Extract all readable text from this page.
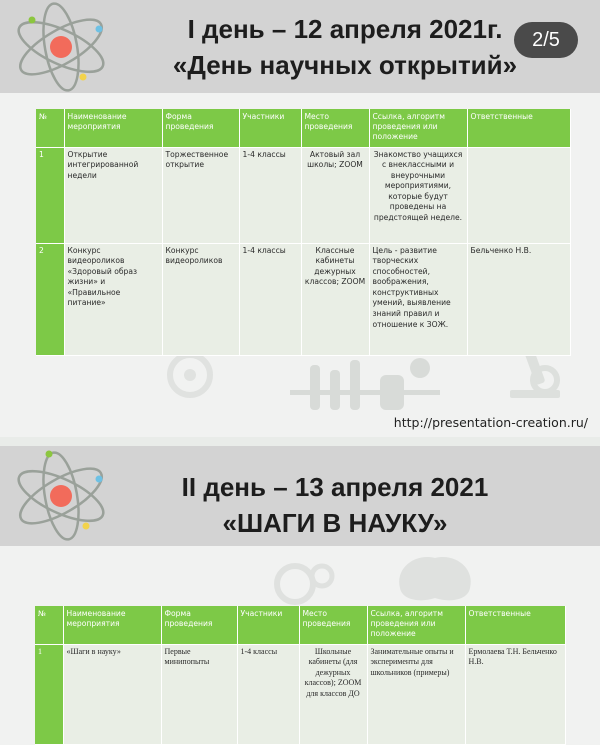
I день – 12 апреля 2021г.
«День научных открытий»
2/5
№	Наименование мероприятия	Форма проведения	Участники	Место проведения	Ссылка, алгоритм проведения или положение	Ответственные
1	Открытие интегрированной недели	Торжественное открытие	1-4 классы	Актовый зал школы; ZOOM	Знакомство учащихся с внеклассными и внеурочными мероприятиями, которые будут проведены на предстоящей неделе.	
2	Конкурс видеороликов «Здоровый образ жизни» и «Правильное питание»	Конкурс видеороликов	1-4 классы	Классные кабинеты дежурных классов; ZOOM	Цель - развитие творческих способностей, воображения, конструктивных умений, выявление знаний правил и отношение к ЗОЖ.	Бельченко Н.В.
http://presentation-creation.ru/
II день – 13 апреля 2021
«ШАГИ В НАУКУ»
№	Наименование мероприятия	Форма проведения	Участники	Место проведения	Ссылка, алгоритм проведения или положение	Ответственные
1	«Шаги в науку»	Первые минипопыты	1-4 классы	Школьные кабинеты (для дежурных классов); ZOOM для классов ДО	Занимательные опыты и эксперименты для школьников (примеры)	Ермолаева Т.Н. Бельченко Н.В.
